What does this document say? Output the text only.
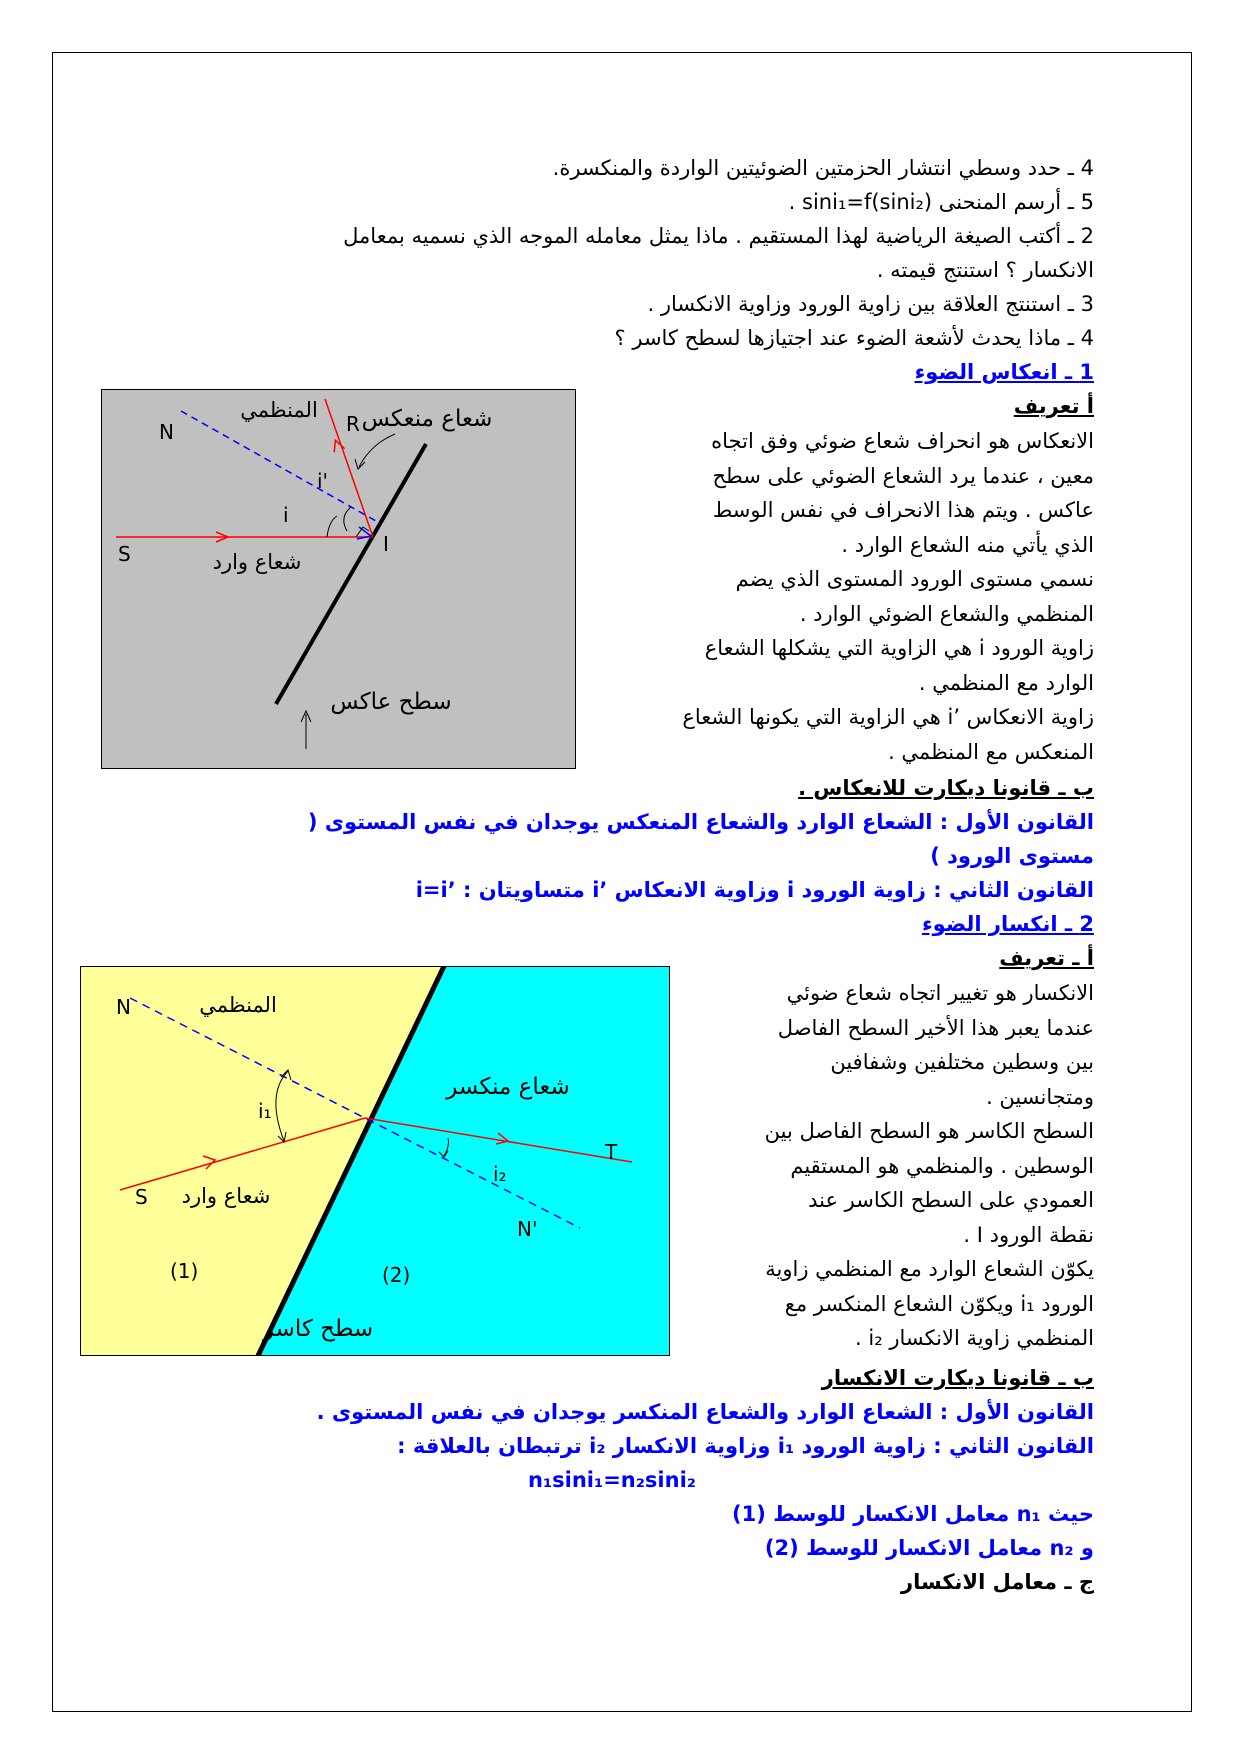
4 ـ حدد وسطي انتشار الحزمتين الضوئيتين الواردة والمنكسرة.
5 ـ أرسم المنحنى sini₁=f(sini₂) .
2 ـ أكتب الصيغة الرياضية لهذا المستقيم . ماذا يمثل معامله الموجه الذي نسميه بمعامل
الانكسار ؟ استنتج قيمته .
3 ـ استنتج العلاقة بين زاوية الورود وزاوية الانكسار .
4 ـ ماذا يحدث لأشعة الضوء عند اجتيازها لسطح كاسر ؟
1 ـ انعكاس الضوء
أ تعريف
الانعكاس هو انحراف شعاع ضوئي وفق اتجاه
معين ، عندما يرد الشعاع الضوئي على سطح
عاكس . ويتم هذا الانحراف في نفس الوسط
الذي يأتي منه الشعاع الوارد .
نسمي مستوى الورود المستوى الذي يضم
المنظمي والشعاع الضوئي الوارد .
زاوية الورود i هي الزاوية التي يشكلها الشعاع
الوارد مع المنظمي .
زاوية الانعكاس ’i هي الزاوية التي يكونها الشعاع
المنعكس مع المنظمي .
المنظمي شعاع منعكس
شعاع وارد
سطح عاكس
N	R
S	I
i
i'
ب ـ قانونا ديكارت للانعكاس .
القانون الأول : الشعاع الوارد والشعاع المنعكس يوجدان في نفس المستوى (
مستوى الورود )
القانون الثاني : زاوية الورود i وزاوية الانعكاس ’i متساويتان : ’i=i
2 ـ انكسار الضوء
أ ـ تعريف
الانكسار هو تغيير اتجاه شعاع ضوئي
عندما يعبر هذا الأخير السطح الفاصل
بين وسطين مختلفين وشفافين
ومتجانسين .
السطح الكاسر هو السطح الفاصل بين
الوسطين . والمنظمي هو المستقيم
العمودي على السطح الكاسر عند
نقطة الورود I .
يكوّن الشعاع الوارد مع المنظمي زاوية
الورود i₁ ويكوّن الشعاع المنكسر مع
المنظمي زاوية الانكسار i₂ .
المنظمي
شعاع منكسر
شعاع وارد
سطح كاسر
N
N'
S
T
i₁
i₂
(1)	(2)
ب ـ قانونا ديكارت الانكسار
القانون الأول : الشعاع الوارد والشعاع المنكسر يوجدان في نفس المستوى .
القانون الثاني : زاوية الورود i₁ وزاوية الانكسار i₂ ترتبطان بالعلاقة :
n₁sini₁=n₂sini₂
حيث n₁ معامل الانكسار للوسط (1)
و n₂ معامل الانكسار للوسط (2)
ج ـ معامل الانكسار
